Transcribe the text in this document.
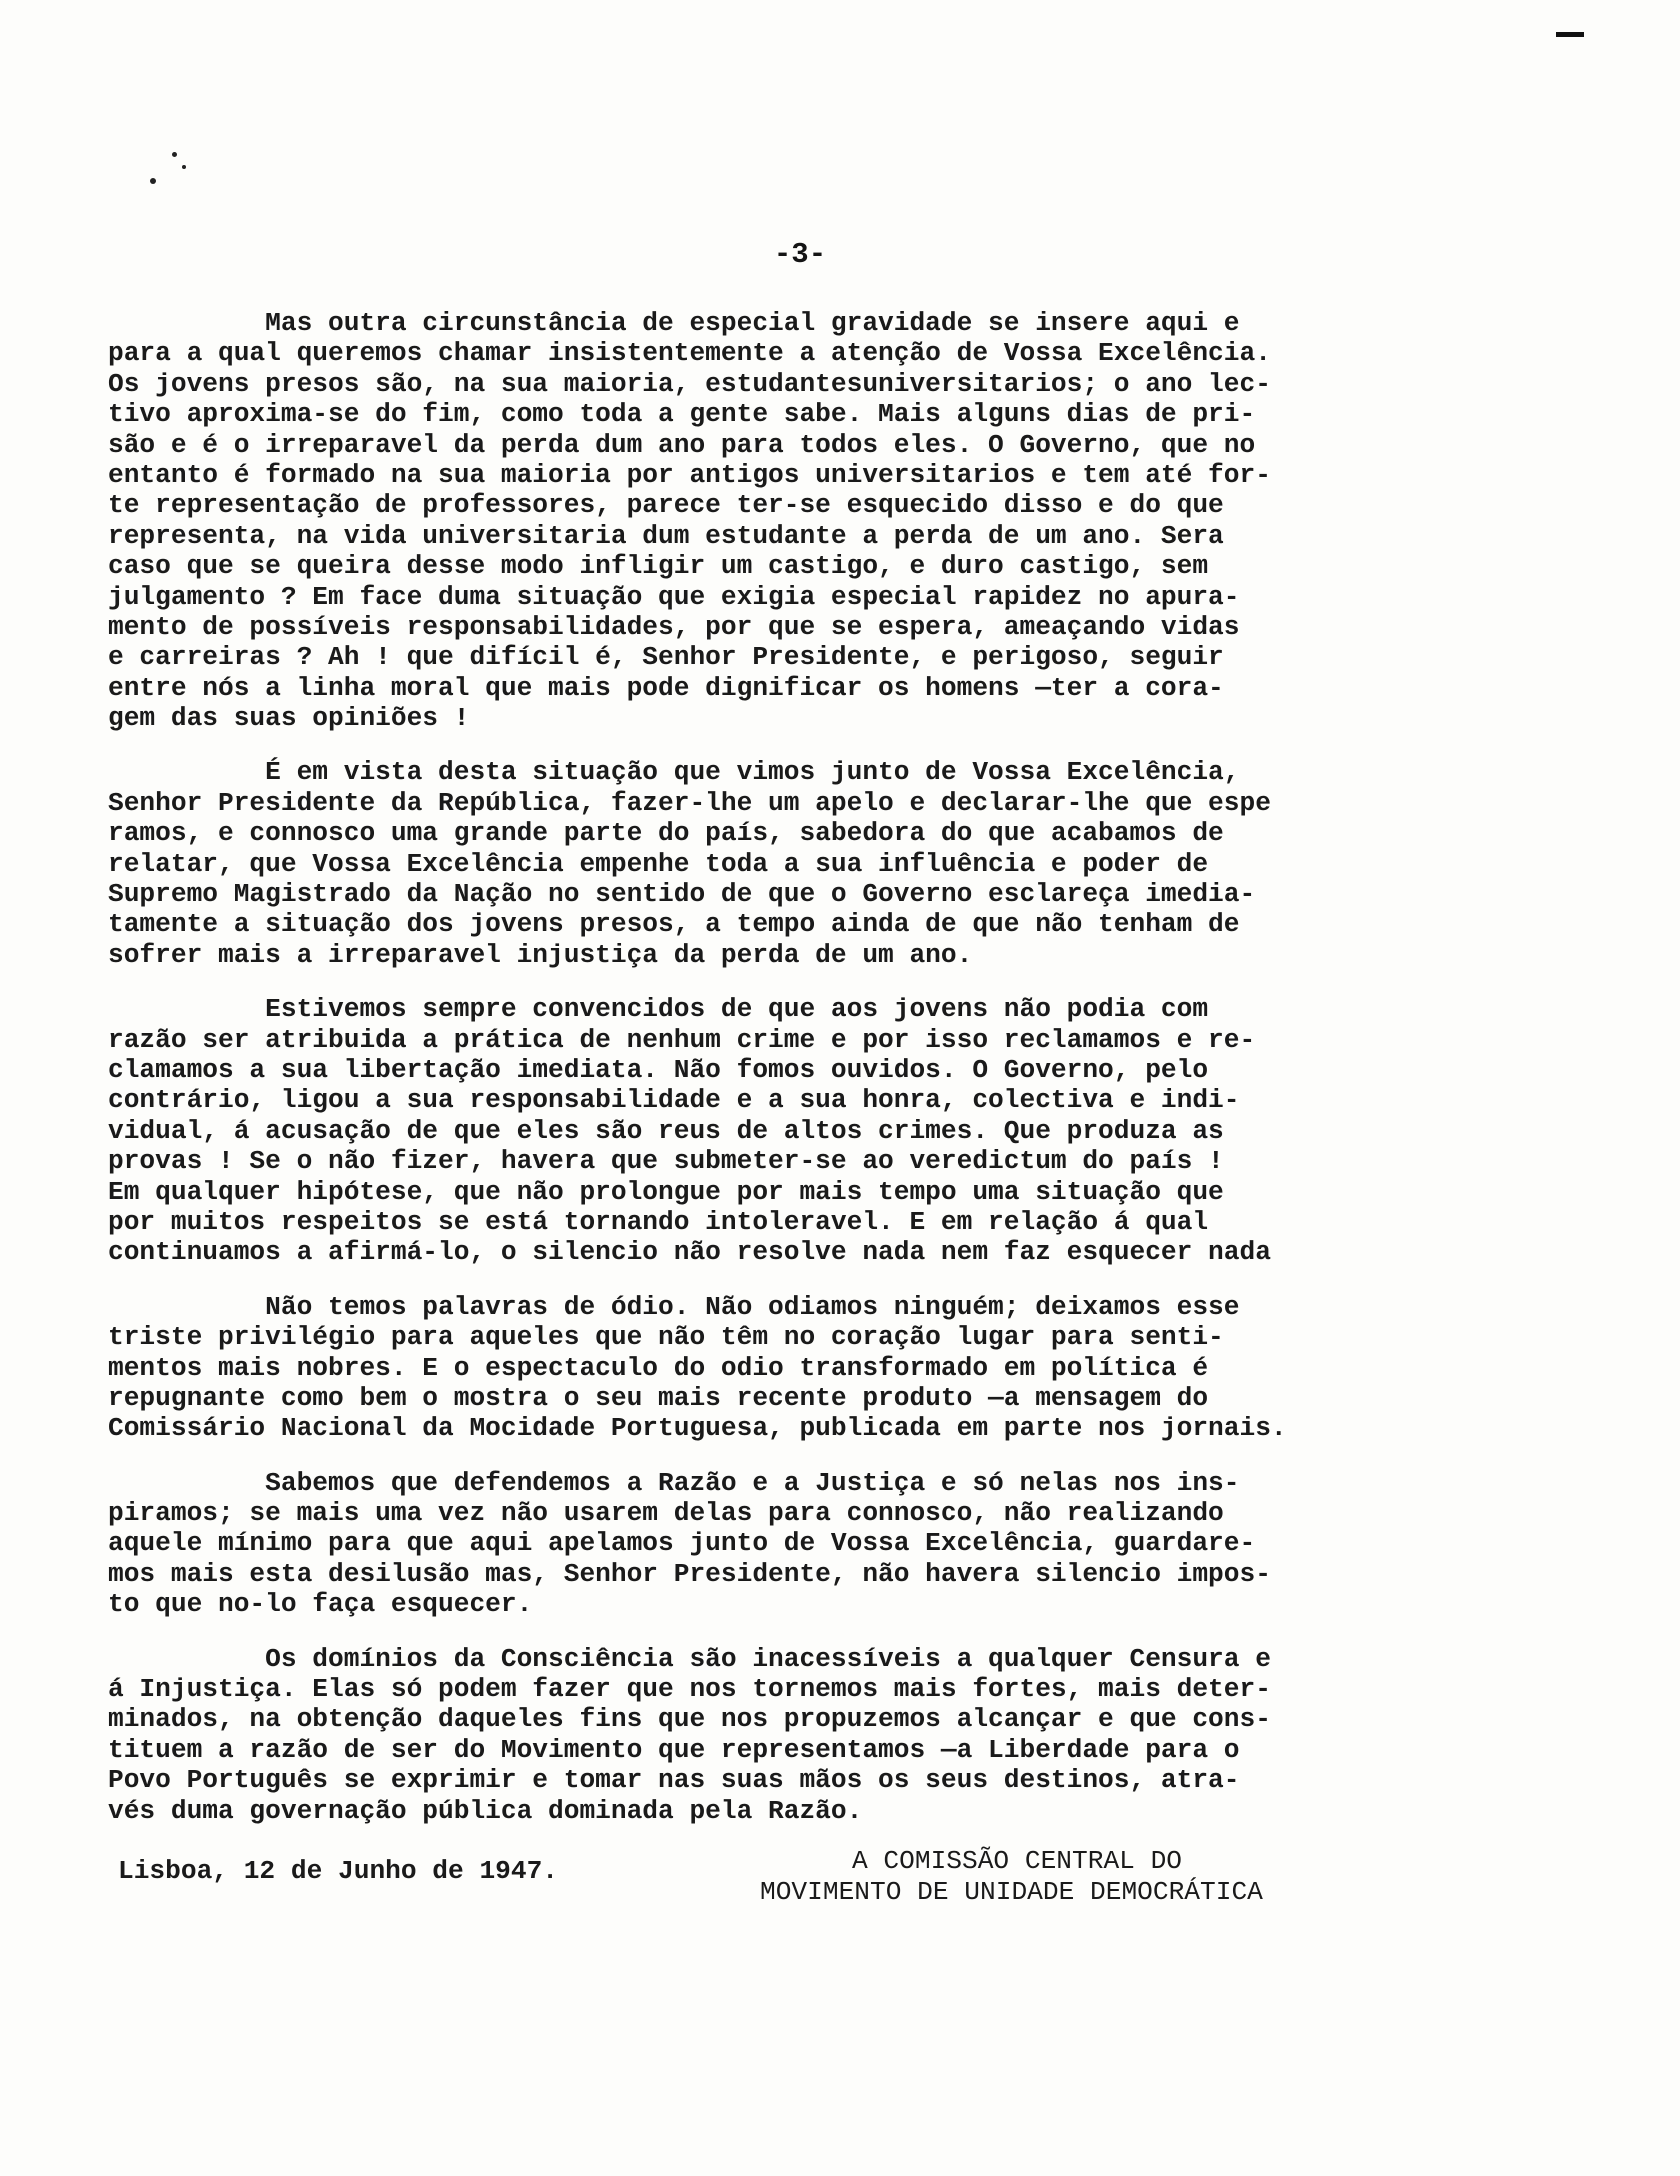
-3-
Mas outra circunstância de especial gravidade se insere aqui e
para a qual queremos chamar insistentemente a atenção de Vossa Excelência.
Os jovens presos são, na sua maioria, estudantesuniversitarios; o ano lec-
tivo aproxima-se do fim, como toda a gente sabe. Mais alguns dias de pri-
são e é o irreparavel da perda dum ano para todos eles. O Governo, que no
entanto é formado na sua maioria por antigos universitarios e tem até for-
te representação de professores, parece ter-se esquecido disso e do que
representa, na vida universitaria dum estudante a perda de um ano. Sera
caso que se queira desse modo infligir um castigo, e duro castigo, sem
julgamento ? Em face duma situação que exigia especial rapidez no apura-
mento de possíveis responsabilidades, por que se espera, ameaçando vidas
e carreiras ? Ah ! que difícil é, Senhor Presidente, e perigoso, seguir
entre nós a linha moral que mais pode dignificar os homens —ter a cora-
gem das suas opiniões !
É em vista desta situação que vimos junto de Vossa Excelência,
Senhor Presidente da República, fazer-lhe um apelo e declarar-lhe que espe
ramos, e connosco uma grande parte do país, sabedora do que acabamos de
relatar, que Vossa Excelência empenhe toda a sua influência e poder de
Supremo Magistrado da Nação no sentido de que o Governo esclareça imedia-
tamente a situação dos jovens presos, a tempo ainda de que não tenham de
sofrer mais a irreparavel injustiça da perda de um ano.
Estivemos sempre convencidos de que aos jovens não podia com
razão ser atribuida a prática de nenhum crime e por isso reclamamos e re-
clamamos a sua libertação imediata. Não fomos ouvidos. O Governo, pelo
contrário, ligou a sua responsabilidade e a sua honra, colectiva e indi-
vidual, á acusação de que eles são reus de altos crimes. Que produza as
provas ! Se o não fizer, havera que submeter-se ao veredictum do país !
Em qualquer hipótese, que não prolongue por mais tempo uma situação que
por muitos respeitos se está tornando intoleravel. E em relação á qual
continuamos a afirmá-lo, o silencio não resolve nada nem faz esquecer nada
Não temos palavras de ódio. Não odiamos ninguém; deixamos esse
triste privilégio para aqueles que não têm no coração lugar para senti-
mentos mais nobres. E o espectaculo do odio transformado em política é
repugnante como bem o mostra o seu mais recente produto —a mensagem do
Comissário Nacional da Mocidade Portuguesa, publicada em parte nos jornais.
Sabemos que defendemos a Razão e a Justiça e só nelas nos ins-
piramos; se mais uma vez não usarem delas para connosco, não realizando
aquele mínimo para que aqui apelamos junto de Vossa Excelência, guardare-
mos mais esta desilusão mas, Senhor Presidente, não havera silencio impos-
to que no-lo faça esquecer.
Os domínios da Consciência são inacessíveis a qualquer Censura e
á Injustiça. Elas só podem fazer que nos tornemos mais fortes, mais deter-
minados, na obtenção daqueles fins que nos propuzemos alcançar e que cons-
tituem a razão de ser do Movimento que representamos —a Liberdade para o
Povo Português se exprimir e tomar nas suas mãos os seus destinos, atra-
vés duma governação pública dominada pela Razão.
Lisboa, 12 de Junho de 1947.	A COMISSÃO CENTRAL DO
MOVIMENTO DE UNIDADE DEMOCRÁTICA
